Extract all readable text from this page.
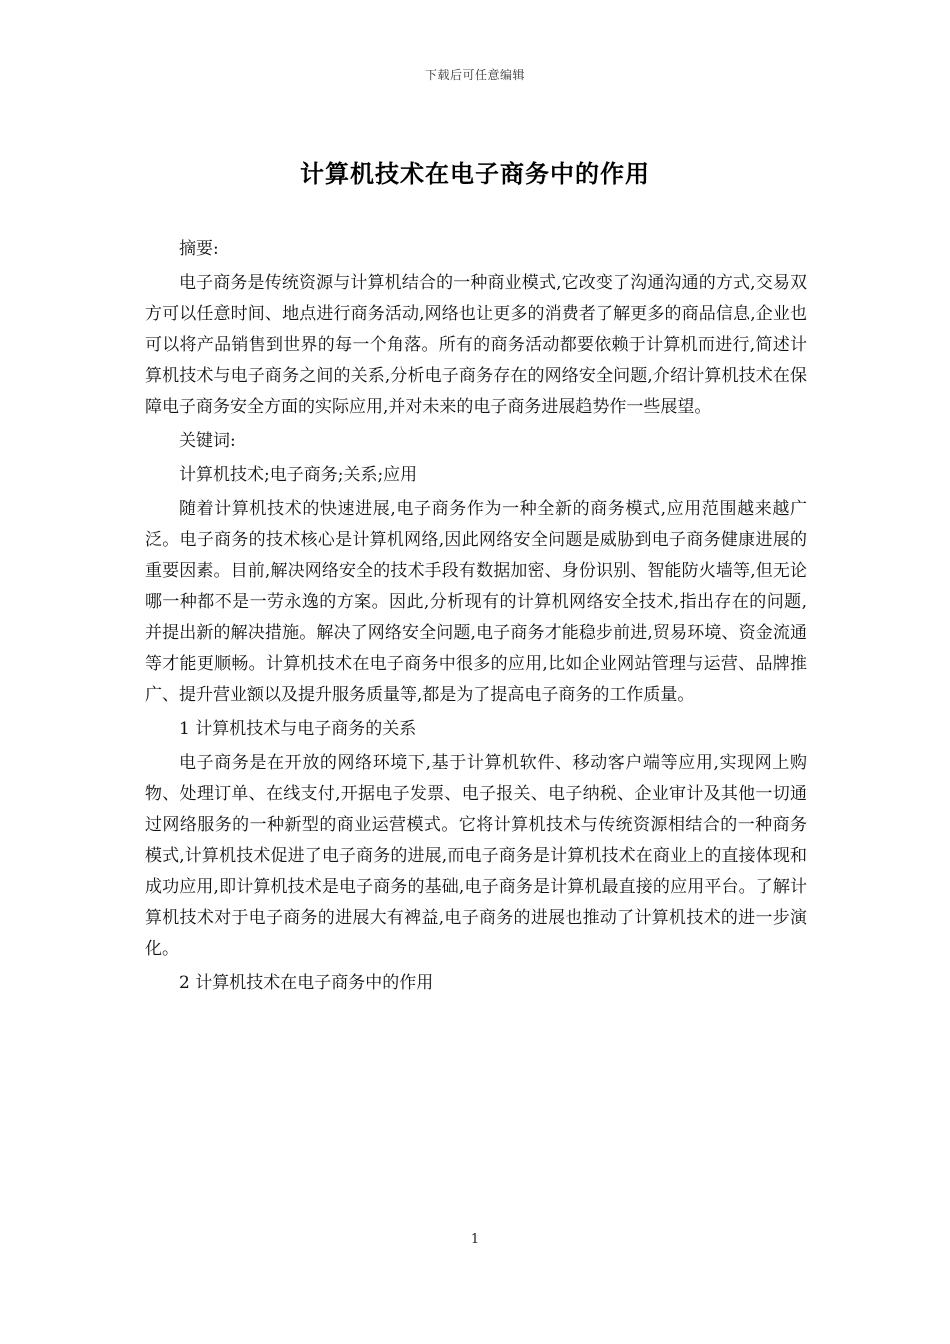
下载后可任意编辑
计算机技术在电子商务中的作用

摘要:

电子商务是传统资源与计算机结合的一种商业模式,它改变了沟通沟通的方式,交易双方可以任意时间、地点进行商务活动,网络也让更多的消费者了解更多的商品信息,企业也可以将产品销售到世界的每一个角落。所有的商务活动都要依赖于计算机而进行,简述计算机技术与电子商务之间的关系,分析电子商务存在的网络安全问题,介绍计算机技术在保障电子商务安全方面的实际应用,并对未来的电子商务进展趋势作一些展望。

关键词:

计算机技术;电子商务;关系;应用

随着计算机技术的快速进展,电子商务作为一种全新的商务模式,应用范围越来越广泛。电子商务的技术核心是计算机网络,因此网络安全问题是威胁到电子商务健康进展的重要因素。目前,解决网络安全的技术手段有数据加密、身份识别、智能防火墙等,但无论哪一种都不是一劳永逸的方案。因此,分析现有的计算机网络安全技术,指出存在的问题,并提出新的解决措施。解决了网络安全问题,电子商务才能稳步前进,贸易环境、资金流通等才能更顺畅。计算机技术在电子商务中很多的应用,比如企业网站管理与运营、品牌推广、提升营业额以及提升服务质量等,都是为了提高电子商务的工作质量。

1 计算机技术与电子商务的关系

电子商务是在开放的网络环境下,基于计算机软件、移动客户端等应用,实现网上购物、处理订单、在线支付,开据电子发票、电子报关、电子纳税、企业审计及其他一切通过网络服务的一种新型的商业运营模式。它将计算机技术与传统资源相结合的一种商务模式,计算机技术促进了电子商务的进展,而电子商务是计算机技术在商业上的直接体现和成功应用,即计算机技术是电子商务的基础,电子商务是计算机最直接的应用平台。了解计算机技术对于电子商务的进展大有裨益,电子商务的进展也推动了计算机技术的进一步演化。

2 计算机技术在电子商务中的作用

1
